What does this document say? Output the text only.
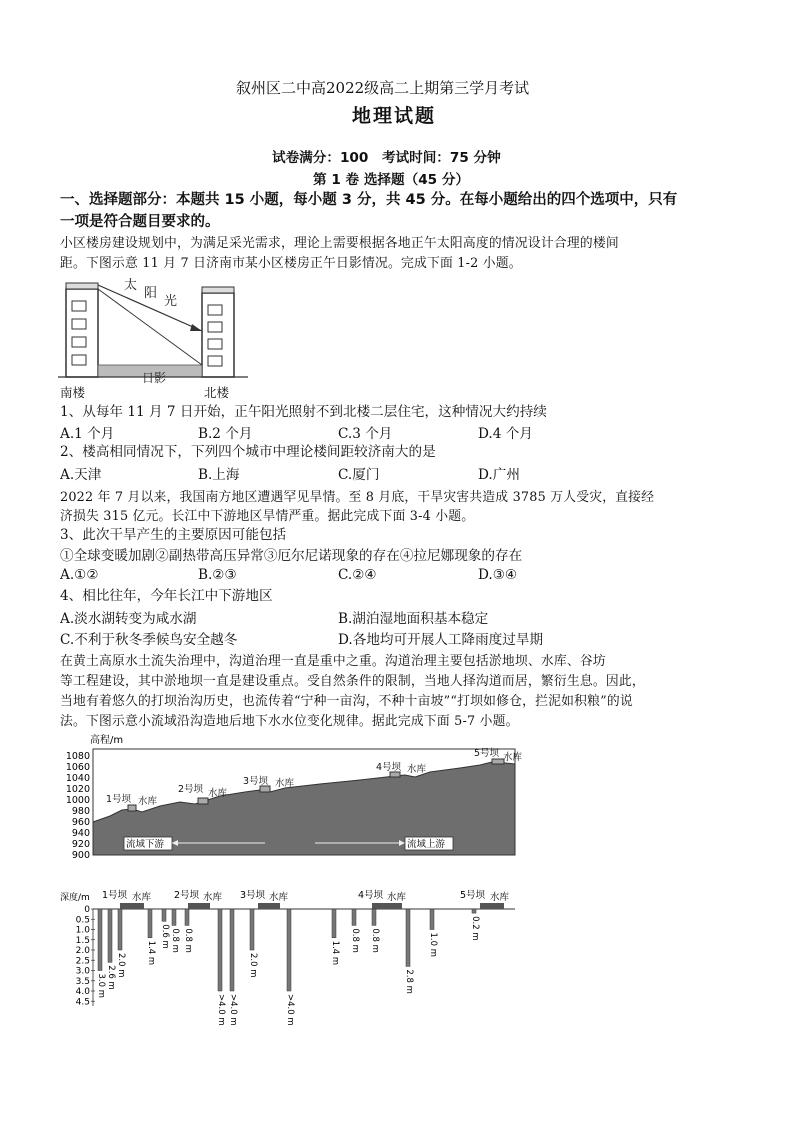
叙州区二中高2022级高二上期第三学月考试
地理试题
试卷满分：100　考试时间：75 分钟
第 1 卷 选择题（45 分）
一、选择题部分：本题共 15 小题，每小题 3 分，共 45 分。在每小题给出的四个选项中，只有
一项是符合题目要求的。
小区楼房建设规划中，为满足采光需求，理论上需要根据各地正午太阳高度的情况设计合理的楼间
距。下图示意 11 月 7 日济南市某小区楼房正午日影情况。完成下面 1-2 小题。
太
阳
光
日影
南楼	北楼
1、从每年 11 月 7 日开始，正午阳光照射不到北楼二层住宅，这种情况大约持续
A.1 个月	B.2 个月	C.3 个月	D.4 个月
2、楼高相同情况下，下列四个城市中理论楼间距较济南大的是
A.天津	B.上海	C.厦门	D.广州
2022 年 7 月以来，我国南方地区遭遇罕见旱情。至 8 月底，干旱灾害共造成 3785 万人受灾，直接经
济损失 315 亿元。长江中下游地区旱情严重。据此完成下面 3-4 小题。
3、此次干旱产生的主要原因可能包括
①全球变暖加剧②副热带高压异常③厄尔尼诺现象的存在④拉尼娜现象的存在
A.①②	B.②③	C.②④	D.③④
4、相比往年，今年长江中下游地区
A.淡水湖转变为咸水湖	B.湖泊湿地面积基本稳定
C.不利于秋冬季候鸟安全越冬	D.各地均可开展人工降雨度过旱期
在黄土高原水土流失治理中，沟道治理一直是重中之重。沟道治理主要包括淤地坝、水库、谷坊
等工程建设，其中淤地坝一直是建设重点。受自然条件的限制，当地人择沟道而居，繁衍生息。因此，
当地有着悠久的打坝治沟历史，也流传着“宁种一亩沟，不种十亩坡”“打坝如修仓，拦泥如积粮”的说
法。下图示意小流域沿沟造地后地下水水位变化规律。据此完成下面 5-7 小题。
高程/m
1080
1060
1040
1020
1000
980
960
940
920
900
1号坝 水库
2号坝 水库
3号坝 水库
4号坝 水库
5号坝 水库
流域下游	流域上游
深度/m
0
0.5
1.0
1.5
2.0
2.5
3.0
3.5
4.0
4.5
1号坝 水库 2号坝 水库 3号坝 水库	4号坝 水库	5号坝 水库
3.0 m 2.6 m
2.0 m
1.4 m
0.6 m 0.8 m 0.8 m
>4.0 m >4.0 m
2.0 m
>4.0 m
1.4 m
0.8 m 0.8 m
2.8 m
1.0 m
0.2 m
